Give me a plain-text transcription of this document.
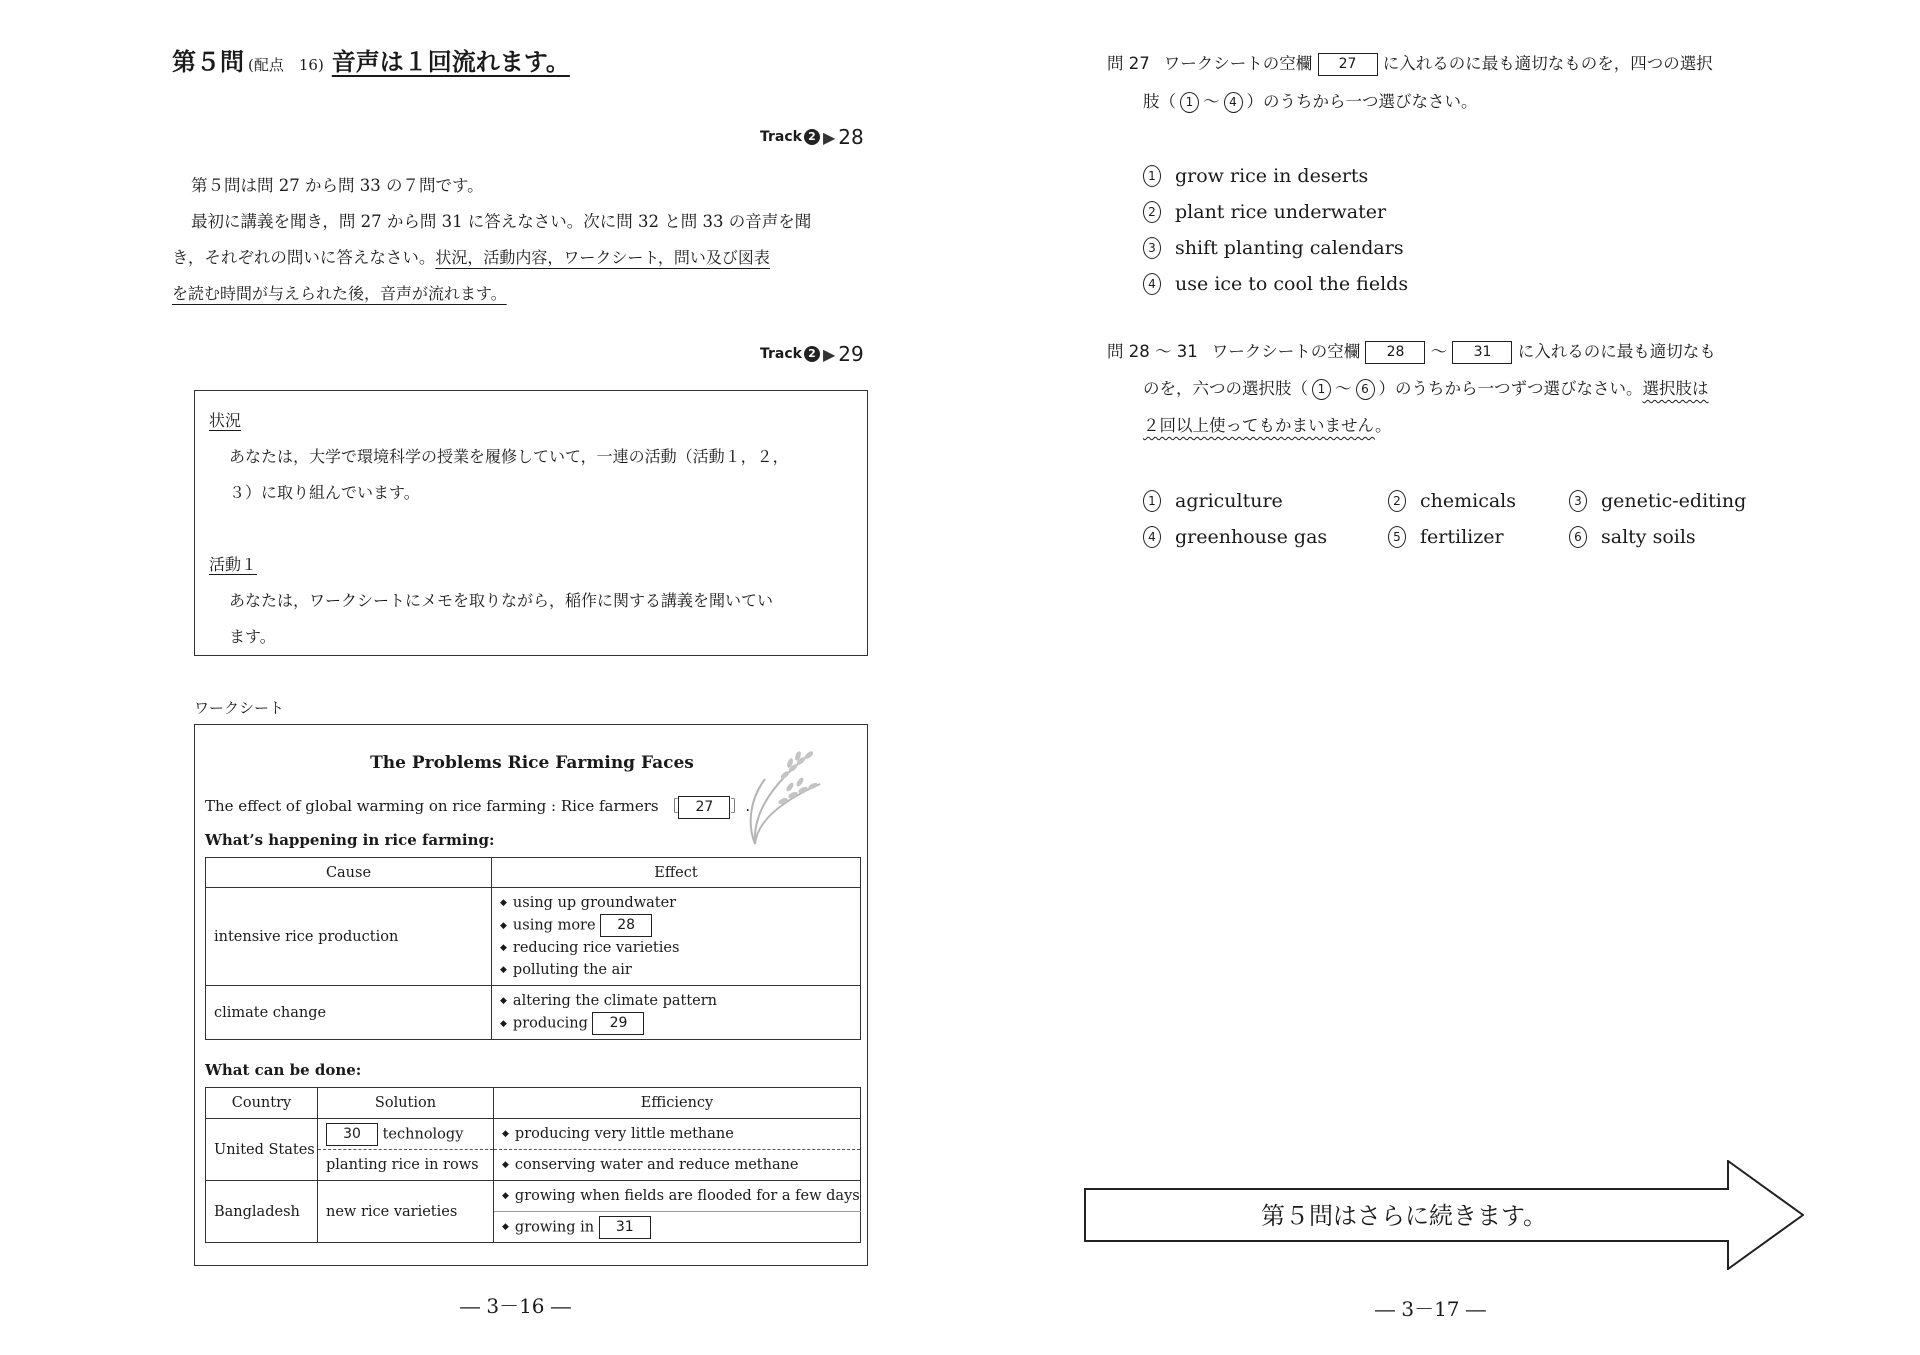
第５問 (配点　16) 音声は１回流れます。
Track 2 ▶ 28
第５問は問 27 から問 33 の７問です。
最初に講義を聞き，問 27 から問 31 に答えなさい。次に問 32 と問 33 の音声を聞
き，それぞれの問いに答えなさい。状況，活動内容，ワークシート，問い及び図表
を読む時間が与えられた後，音声が流れます。
Track 2 ▶ 29
状況
あなたは，大学で環境科学の授業を履修していて，一連の活動（活動１，２，
３）に取り組んでいます。
活動１
あなたは，ワークシートにメモを取りながら，稲作に関する講義を聞いてい
ます。
ワークシート
The Problems Rice Farming Faces
The effect of global warming on rice farming : Rice farmers ［ 27 ］.
What’s happening in rice farming:
Cause	Effect
intensive rice production	◆ using up groundwater
◆ using more 28
◆ reducing rice varieties
◆ polluting the air

climate change	◆ altering the climate pattern
◆ producing 29
What can be done:
Country	Solution	Efficiency
United States	30 technology	◆ producing very little methane
	planting rice in rows	◆ conserving water and reduce methane
Bangladesh	new rice varieties	◆ growing when fields are flooded for a few days
		◆ growing in 31
― 3－16 ―
問 27 ワークシートの空欄 27 に入れるのに最も適切なものを，四つの選択
肢（ 1 ～ 4 ）のうちから一つ選びなさい。
1 grow rice in deserts
2 plant rice underwater
3 shift planting calendars
4 use ice to cool the fields
問 28 ～ 31 ワークシートの空欄 28 ～ 31 に入れるのに最も適切なも
のを，六つの選択肢（ 1 ～ 6 ）のうちから一つずつ選びなさい。選択肢は
２回以上使ってもかまいません。
1 agriculture	2 chemicals	3 genetic-editing
4 greenhouse gas	5 fertilizer	6 salty soils
第５問はさらに続きます。
― 3－17 ―
